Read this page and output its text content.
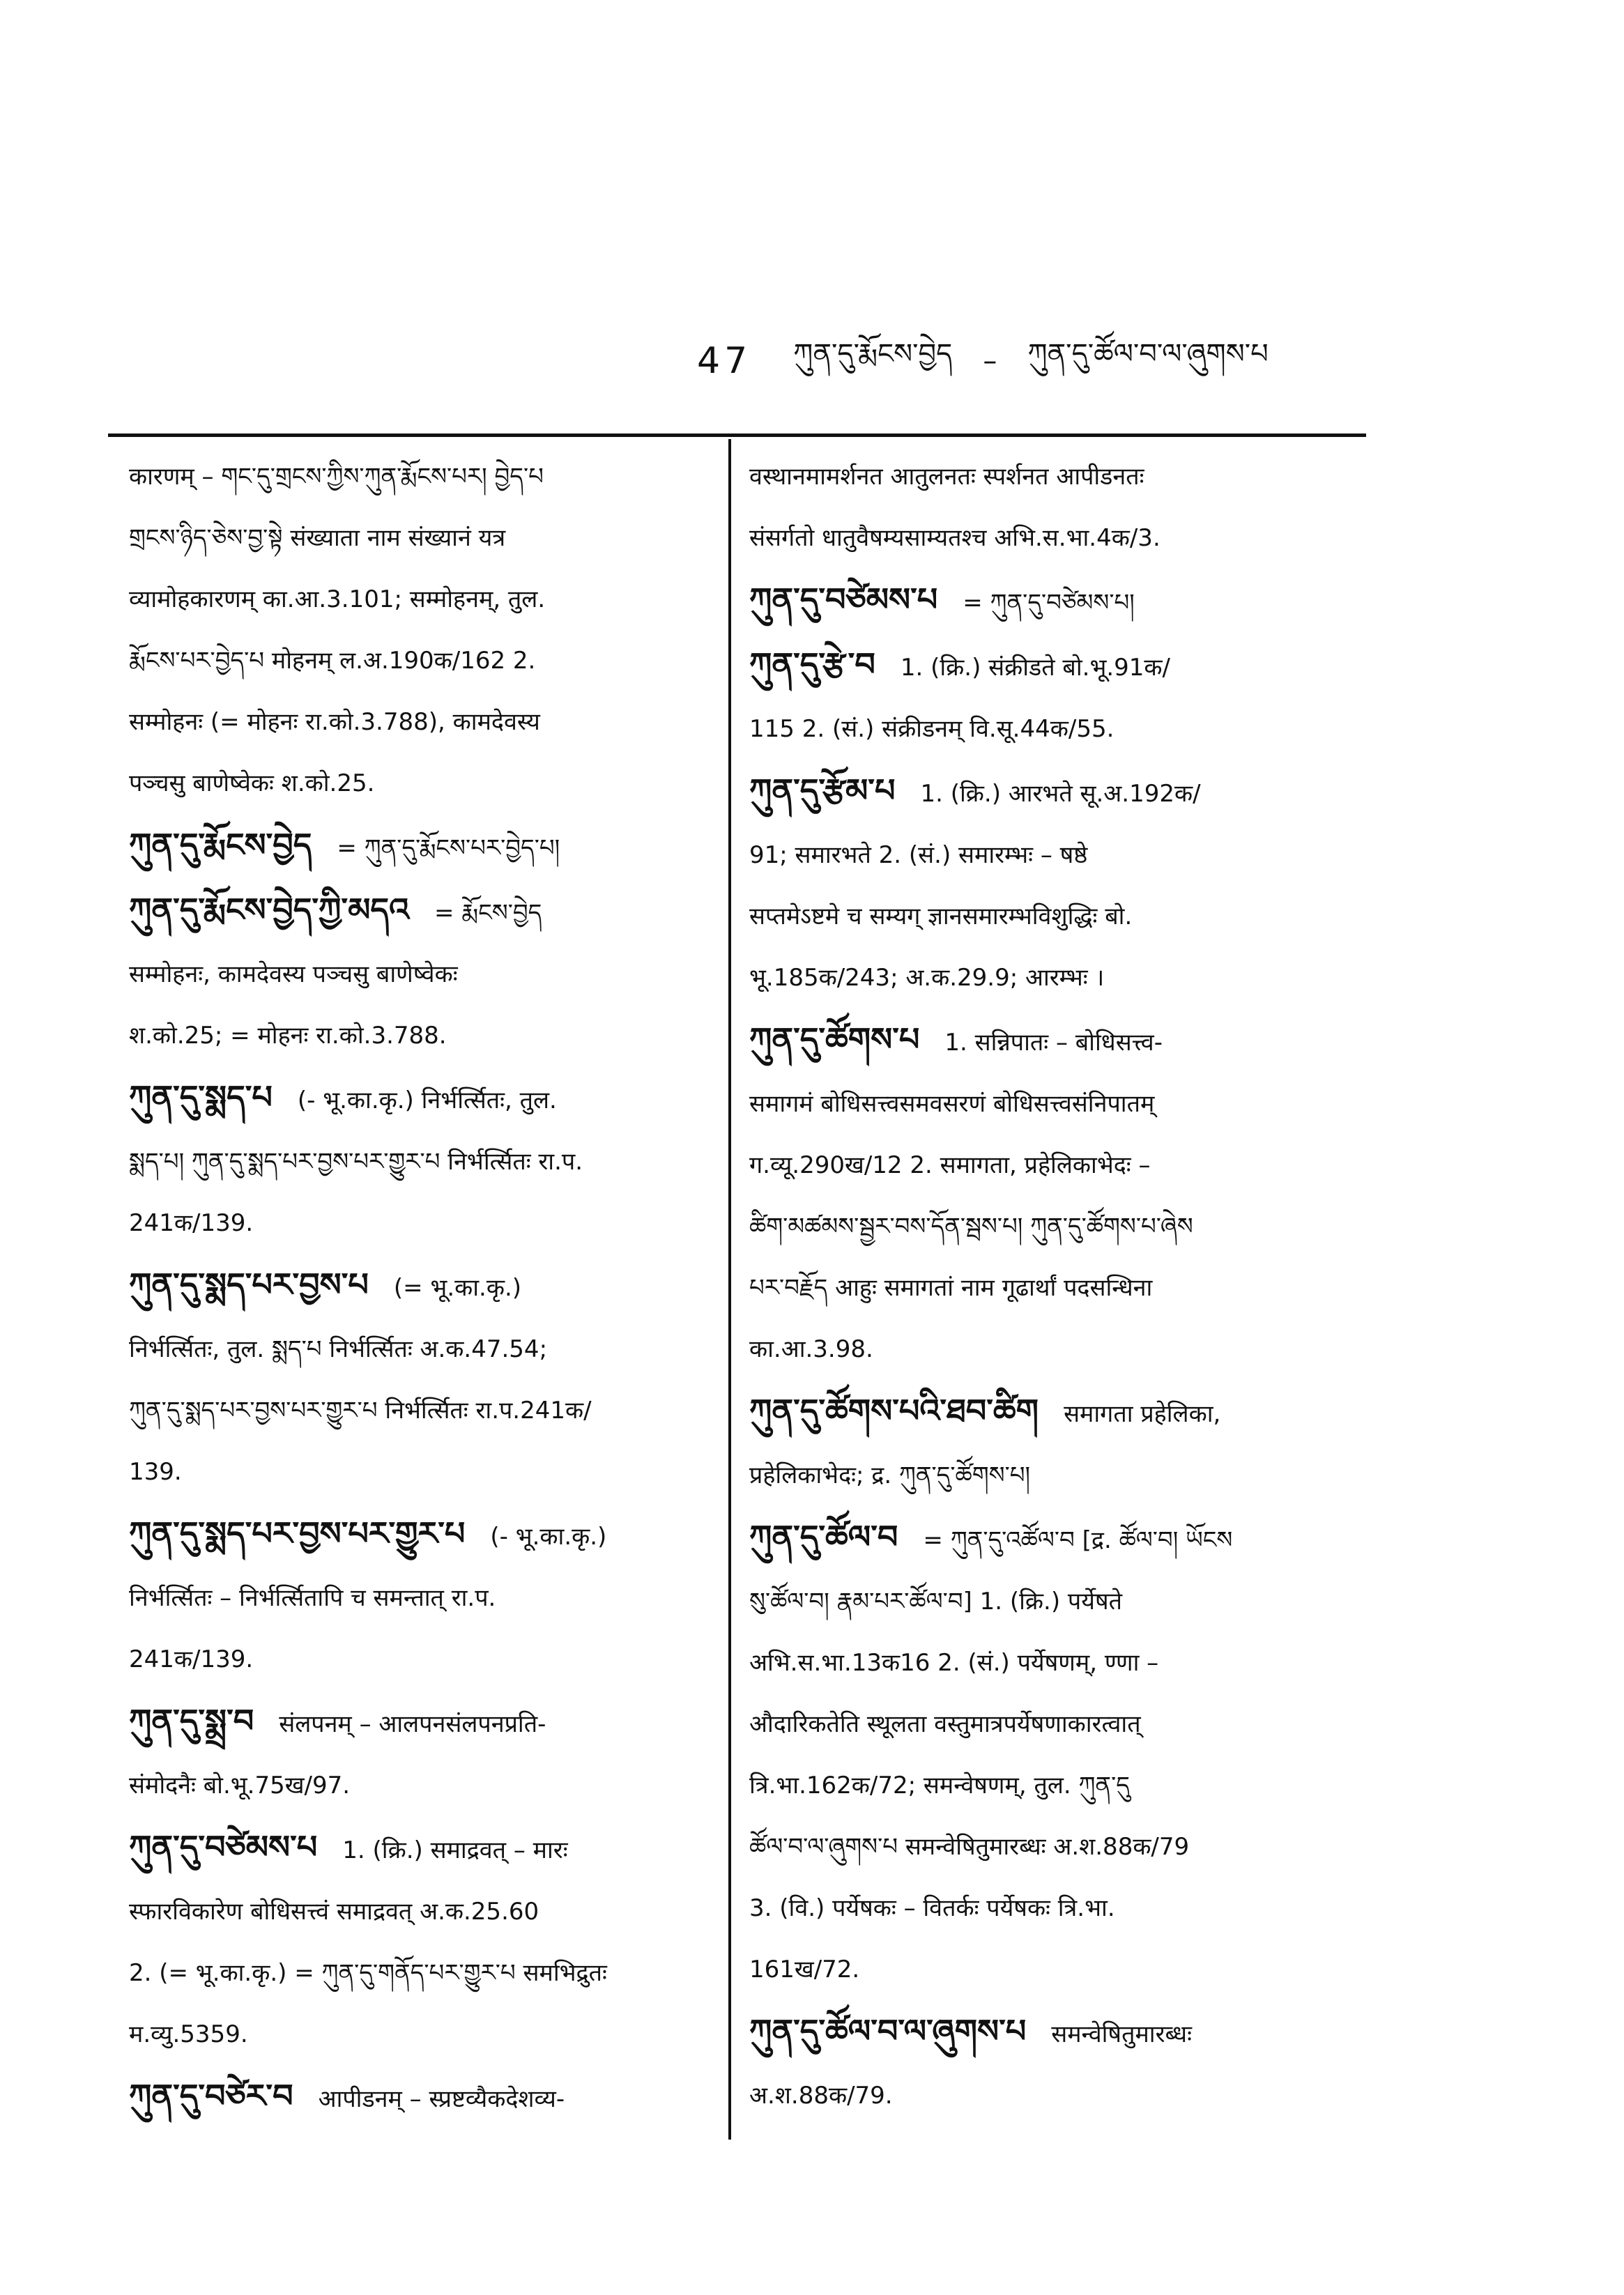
47 ཀུན་དུ་རྨོངས་བྱེད – ཀུན་དུ་ཚོལ་བ་ལ་ཞུགས་པ
कारणम् – གང་དུ་གྲངས་ཀྱིས་ཀུན་རྨོངས་པར། བྱེད་པ
གྲངས་ཉིད་ཅེས་བྱ་སྟེ संख्याता नाम संख्यानं यत्र
व्यामोहकारणम् का.आ.3.101; सम्मोहनम्, तुल.
རྨོངས་པར་བྱེད་པ मोहनम् ल.अ.190क/162 2.
सम्मोहनः (= मोहनः रा.को.3.788), कामदेवस्य
पञ्चसु बाणेष्वेकः श.को.25.
ཀུན་དུ་རྨོངས་བྱེད = ཀུན་དུ་རྨོངས་པར་བྱེད་པ།
ཀུན་དུ་རྨོངས་བྱེད་ཀྱི་མདའ = རྨོངས་བྱེད
सम्मोहनः, कामदेवस्य पञ्चसु बाणेष्वेकः
श.को.25; = मोहनः रा.को.3.788.
ཀུན་དུ་སྨད་པ (- भू.का.कृ.) निर्भर्त्सितः, तुल.
སྨད་པ། ཀུན་དུ་སྨད་པར་བྱས་པར་གྱུར་པ निर्भर्त्सितः रा.प.
241क/139.
ཀུན་དུ་སྨད་པར་བྱས་པ (= भू.का.कृ.)
निर्भर्त्सितः, तुल. སྨད་པ निर्भर्त्सितः अ.क.47.54;
ཀུན་དུ་སྨད་པར་བྱས་པར་གྱུར་པ निर्भर्त्सितः रा.प.241क/
139.
ཀུན་དུ་སྨད་པར་བྱས་པར་གྱུར་པ (- भू.का.कृ.)
निर्भर्त्सितः – निर्भर्त्सितापि च समन्तात् रा.प.
241क/139.
ཀུན་དུ་སྨྲ་བ संलपनम् – आलपनसंलपनप्रति-
संमोदनैः बो.भू.75ख/97.
ཀུན་དུ་བཙེམས་པ 1. (क्रि.) समाद्रवत् – मारः
स्फारविकारेण बोधिसत्त्वं समाद्रवत् अ.क.25.60
2. (= भू.का.कृ.) = ཀུན་དུ་གནོད་པར་གྱུར་པ समभिद्रुतः
म.व्यु.5359.
ཀུན་དུ་བཙེར་བ आपीडनम् – स्प्रष्टव्यैकदेशव्य-
वस्थानमामर्शनत आतुलनतः स्पर्शनत आपीडनतः
संसर्गतो धातुवैषम्यसाम्यतश्च अभि.स.भा.4क/3.
ཀུན་དུ་བཙེམས་པ = ཀུན་དུ་བཙེམས་པ།
ཀུན་དུ་རྩེ་བ 1. (क्रि.) संक्रीडते बो.भू.91क/
115 2. (सं.) संक्रीडनम् वि.सू.44क/55.
ཀུན་དུ་རྩོམ་པ 1. (क्रि.) आरभते सू.अ.192क/
91; समारभते 2. (सं.) समारम्भः – षष्ठे
सप्तमेऽष्टमे च सम्यग् ज्ञानसमारम्भविशुद्धिः बो.
भू.185क/243; अ.क.29.9; आरम्भः ।
ཀུན་དུ་ཚོགས་པ 1. सन्निपातः – बोधिसत्त्व-
समागमं बोधिसत्त्वसमवसरणं बोधिसत्त्वसंनिपातम्
ग.व्यू.290ख/12 2. समागता, प्रहेलिकाभेदः –
ཚིག་མཚམས་སྦྱར་བས་དོན་སྦས་པ། ཀུན་དུ་ཚོགས་པ་ཞེས
པར་བརྗོད आहुः समागतां नाम गूढार्थां पदसन्धिना
का.आ.3.98.
ཀུན་དུ་ཚོགས་པའི་ཐབ་ཚིག समागता प्रहेलिका,
प्रहेलिकाभेदः; द्र. ཀུན་དུ་ཚོགས་པ།
ཀུན་དུ་ཚོལ་བ = ཀུན་དུ་འཚོལ་བ [द्र. ཚོལ་བ། ཡོངས
སུ་ཚོལ་བ། རྣམ་པར་ཚོལ་བ] 1. (क्रि.) पर्येषते
अभि.स.भा.13क16 2. (सं.) पर्येषणम्, ण्णा –
औदारिकतेति स्थूलता वस्तुमात्रपर्येषणाकारत्वात्
त्रि.भा.162क/72; समन्वेषणम्, तुल. ཀུན་དུ
ཚོལ་བ་ལ་ཞུགས་པ समन्वेषितुमारब्धः अ.श.88क/79
3. (वि.) पर्येषकः – वितर्कः पर्येषकः त्रि.भा.
161ख/72.
ཀུན་དུ་ཚོལ་བ་ལ་ཞུགས་པ समन्वेषितुमारब्धः
अ.श.88क/79.
